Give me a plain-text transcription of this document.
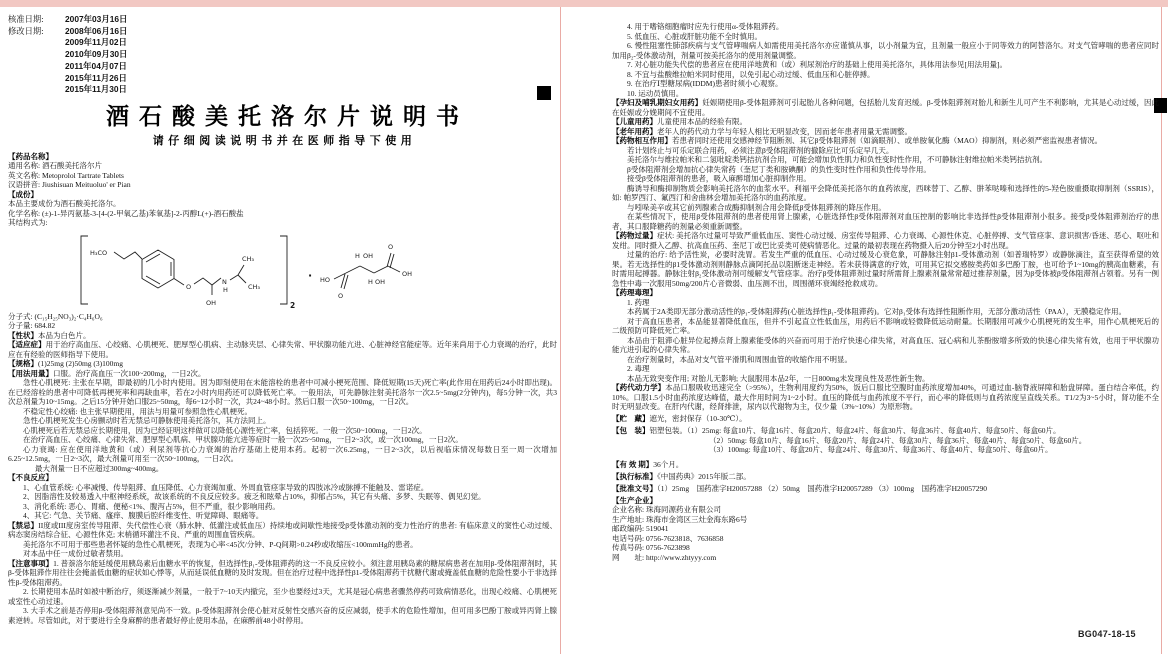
核准日期:	2007年03月16日
修改日期:	2008年06月16日
2009年11月02日
2010年09月30日
2011年04月07日
2015年11月26日
2015年11月30日
酒石酸美托洛尔片说明书
请仔细阅读说明书并在医师指导下使用
【药品名称】
通用名称: 酒石酸美托洛尔片
英文名称: Metoprolol Tartrate Tablets
汉语拼音: Jiushisuan Meituoluo' er Pian
【成份】
本品主要成份为酒石酸美托洛尔。
化学名称: (±)-1-异丙氨基-3-[4-(2-甲氧乙基)苯氧基]-2-丙醇L(+)-酒石酸盐
其结构式为:
H₃CO
O
OH
N
H
CH₃
CH₃
2
· HO
O
H OH
H OH
O
OH
分子式: (C₁₅H₂₅NO₃)₂·C₄H₆O₆
分子量: 684.82
【性状】本品为白色片。
【适应症】用于治疗高血压、心绞痛、心肌梗死、肥厚型心肌病、主动脉夹层、心律失常、甲状腺功能亢进、心脏神经官能症等。近年来尚用于心力衰竭的治疗，此时应在有经验的医师指导下使用。
【规格】(1)25mg (2)50mg (3)100mg
【用法用量】口服。治疗高血压一次100~200mg，一日2次。
急性心肌梗死: 主张在早期，即最初的几小时内使用。因为即刻使用在未能溶栓的患者中可减小梗死范围、降低短期(15天)死亡率(此作用在用药后24小时即出现)。在已经溶栓的患者中可降低再梗死率和再缺血率，若在2小时内用药还可以降低死亡率。一般用法，可先静脉注射美托洛尔一次2.5~5mg(2分钟内)，每5分钟一次，共3次总剂量为10~15mg。之后15分钟开始口服25~50mg，每6~12小时一次，共24~48小时。然后口服一次50~100mg，一日2次。
不稳定性心绞痛: 也主张早期使用，用法与用量可参照急性心肌梗死。
急性心肌梗死发生心房颤动时若无禁忌可静脉使用美托洛尔，其方法同上。
心肌梗死后若无禁忌应长期使用，因为已经证明这样做可以降低心源性死亡率，包括猝死。一般一次50~100mg，一日2次。
在治疗高血压、心绞痛、心律失常、肥厚型心肌病、甲状腺功能亢进等症时一般一次25~50mg，一日2~3次，或一次100mg，一日2次。
心力衰竭: 应在使用洋地黄和（或）利尿剂等抗心力衰竭的治疗基础上使用本药。起初一次6.25mg，一日2~3次，以后视临床情况每数日至一周一次增加6.25~12.5mg，一日2~3次，最大剂量可用至一次50~100mg，一日2次。
最大剂量一日不应超过300mg~400mg。
【不良反应】
1、心血管系统: 心率减慢、传导阻滞、血压降低、心力衰竭加重、外周血管痉挛导致的四肢冰冷或脉搏不能触及、雷诺症。
2、因脂溶性及较易透入中枢神经系统，故该系统的不良反应较多。疲乏和眩晕占10%，抑郁占5%，其它有头痛、多梦、失眠等、偶见幻觉。
3、消化系统: 恶心、胃痛、便秘<1%、腹泻占5%，但不严重，很少影响用药。
4、其它: 气急、关节痛、瘙痒、腹膜后腔纤维变性、听觉障碍、眼痛等。
【禁忌】II度或III度房室传导阻滞、失代偿性心衰（肺水肿、低灌注或低血压）持续地或间歇性地接受β受体激动剂的变力性治疗的患者: 有临床意义的窦性心动过缓、病态窦房结综合征、心源性休克; 末梢循环灌注不良、严重的周围血管疾病。
美托洛尔不可用于那些患者怀疑的急性心肌梗死，表现为心率<45次/分钟、P-Q间期>0.24秒或收缩压<100mmHg的患者。
对本品中任一成份过敏者禁用。
【注意事项】1. 普萘洛尔能延缓使用胰岛素后血糖水平的恢复，但选择性β₁-受体阻滞药的这一不良反应较小。须注意用胰岛素的糖尿病患者在加用β-受体阻滞剂时，其β-受体阻滞作用往往会掩盖低血糖的症状如心悸等，从而延误低血糖的及时发现。但在治疗过程中选择性β1-受体阻滞药干扰糖代谢或掩盖低血糖的危险性要小于非选择性β-受体阻滞药。
2. 长期使用本品时如被中断治疗，须逐渐减少剂量，一般于7~10天内撤完，至少也要经过3天，尤其是冠心病患者骤然停药可致病情恶化，出现心绞痛、心肌梗死或室性心动过速。
3. 大手术之前是否停用β-受体阻滞剂意见尚不一致。β-受体阻滞剂会使心脏对反射性交感兴奋的反应减弱，使手术的危险性增加，但可用多巴酚丁胺或异丙肾上腺素逆转。尽管如此，对于要进行全身麻醉的患者最好停止使用本品，在麻醉前48小时停用。
4. 用于嗜铬细胞瘤时应先行使用α-受体阻滞药。
5. 低血压、心脏或肝脏功能不全时慎用。
6. 慢性阻塞性肺部疾病与支气管哮喘病人如需使用美托洛尔亦应谨慎从事，以小剂量为宜，且剂量一般应小于同等效力的阿替洛尔。对支气管哮喘的患者应同时加用β₂-受体激动剂，剂量可按美托洛尔的使用剂量调整。
7. 对心脏功能失代偿的患者应在使用洋地黄和（或）利尿剂治疗的基础上使用美托洛尔，具体用法参见[用法用量]。
8. 不宜与盐酸维拉帕米同时使用，以免引起心动过缓、低血压和心脏停搏。
9. 在治疗Ⅰ型糖尿病(IDDM)患者时须小心观察。
10. 运动员慎用。
【孕妇及哺乳期妇女用药】妊娠期使用β-受体阻滞剂可引起胎儿各种问题，包括胎儿发育迟缓。β-受体阻滞剂对胎儿和新生儿可产生不利影响，尤其是心动过缓，因此在妊娠或分娩期间不宜使用。
【儿童用药】儿童使用本品的经验有限。
【老年用药】老年人的药代动力学与年轻人相比无明显改变，因而老年患者用量无需调整。
【药物相互作用】若患者同时还使用交感神经节阻断剂、其它β受体阻滞剂（如滴眼剂）、或单胺氧化酶（MAO）抑制剂，则必须严密监视患者情况。
若计划终止与可乐定联合用药，必须注意β受体阻滞剂的撤除应比可乐定早几天。
美托洛尔与维拉帕米和二氢吡啶类钙拮抗剂合用，可能会增加负性肌力和负性变时性作用，不可静脉注射维拉帕米类钙拮抗剂。
β受体阻滞剂会增加抗心律失常药（奎尼丁类和胺碘酮）的负性变时性作用和负性传导作用。
接受β受体阻滞剂的患者，吸入麻醉增加心脏抑制作用。
酶诱导和酶抑制物质会影响美托洛尔的血浆水平。利福平会降低美托洛尔的血药浓度，西咪替丁、乙醇、肼苯哒嗪和选择性的5-羟色胺重摄取抑制剂（SSRIS），如: 帕罗西汀、氟西汀和舍曲林会增加美托洛尔的血药浓度。
与吲哚美辛或其它前列腺素合成酶抑制剂合用会降低β受体阻滞剂的降压作用。
在某些情况下，使用β受体阻滞剂的患者使用肾上腺素，心脏选择性β受体阻滞剂对血压控制的影响比非选择性β受体阻滞剂小很多。接受β受体阻滞剂治疗的患者，其口服降糖药的剂量必须重新调整。
【药物过量】症状: 美托洛尔过量可导致严重低血压、窦性心动过缓、房室传导阻滞、心力衰竭、心源性休克、心脏停搏、支气管痉挛、意识损害/昏迷、恶心、呕吐和发绀。同时摄入乙醇、抗高血压药、奎尼丁或巴比妥类可使病情恶化。过量的最初表现在药物摄入后20分钟至2小时出现。
过量的治疗: 给予活性炭，必要时洗胃。若发生严重的低血压、心动过缓及心衰危象，可静脉注射β1-受体激动剂（如普瑞特罗）或静脉滴注，直至获得希望的效果。若无选择性的β1受体激动剂则静脉点滴阿托品以阻断迷走神经。若未获得满意的疗效，可用其它拟交感胺类药如多巴酚丁胺，也可给予1~10mg的胰高血糖素，有时需用起搏器。静脉注射β₂受体激动剂可缓解支气管痉挛。治疗β受体阻滞剂过量时所需肾上腺素剂量常常超过推荐剂量，因为β受体被β受体阻滞剂占领着。另有一例急性中毒一次服用50mg/200片心音微弱、血压测不出，周围循环衰竭经抢救成功。
【药理毒理】
1. 药理
本药属于2A类即无部分激动活性的β₁-受体阻滞药(心脏选择性β₁-受体阻滞药)。它对β₁受体有选择性阻断作用，无部分激动活性（PAA），无膜稳定作用。
对于高血压患者，本品能显著降低血压，但并不引起直立性低血压，用药后不影响或轻微降低运动耐量。长期服用可减少心肌梗死的发生率，用作心肌梗死后的二级预防可降低死亡率。
本品由于阻滞心脏异位起搏点肾上腺素能受体的兴奋而可用于治疗快速心律失常，对高血压、冠心病和儿茶酚胺增多所致的快速心律失常有效，也用于甲状腺功能亢进引起的心律失常。
在治疗剂量时，本品对支气管平滑肌和周围血管的收缩作用不明显。
2. 毒理
本品无致突变作用; 对胎儿无影响; 大鼠服用本品2年，一日800mg未发现良性及恶性新生物。
【药代动力学】本品口服吸收迅速完全（>95%），生物利用度约为50%，饭后口服比空腹时血药浓度增加40%，可通过血-脑脊液屏障和胎盘屏障。蛋白结合率低，约10%。口服1.5小时血药浓度达峰值，最大作用时间为1~2小时。血压的降低与血药浓度不平行，而心率的降低则与血药浓度呈直线关系。T1/2为3~5小时，肾功能不全时无明显改变。在肝内代谢，经肾排泄，尿内以代谢物为主，仅少量（3%~10%）为原形物。
【贮　藏】遮光，密封保存（10-30℃）。
【包　装】铝塑包装。（1）25mg: 每盒10片、每盒16片、每盒20片、每盒24片、每盒30片、每盒36片、每盒40片、每盒50片、每盒60片。
（2）50mg: 每盒10片、每盒16片、每盒20片、每盒24片、每盒30片、每盒36片、每盒40片、每盒50片、每盒60片。
（3）100mg: 每盒10片、每盒20片、每盒24片、每盒30片、每盒36片、每盒40片、每盒50片、每盒60片。
【有 效 期】36个月。
【执行标准】《中国药典》2015年版二部。
【批准文号】（1）25mg　国药准字H20057288 （2）50mg　国药准字H20057289 （3）100mg　国药准字H20057290
【生产企业】
企业名称: 珠海同源药业有限公司
生产地址: 珠海市金湾区三灶金海东路6号
邮政编码: 519041
电话号码: 0756-7623818、7636858
传真号码: 0756-7623898
网　　址: http://www.zhtyyy.com
BG047-18-15
